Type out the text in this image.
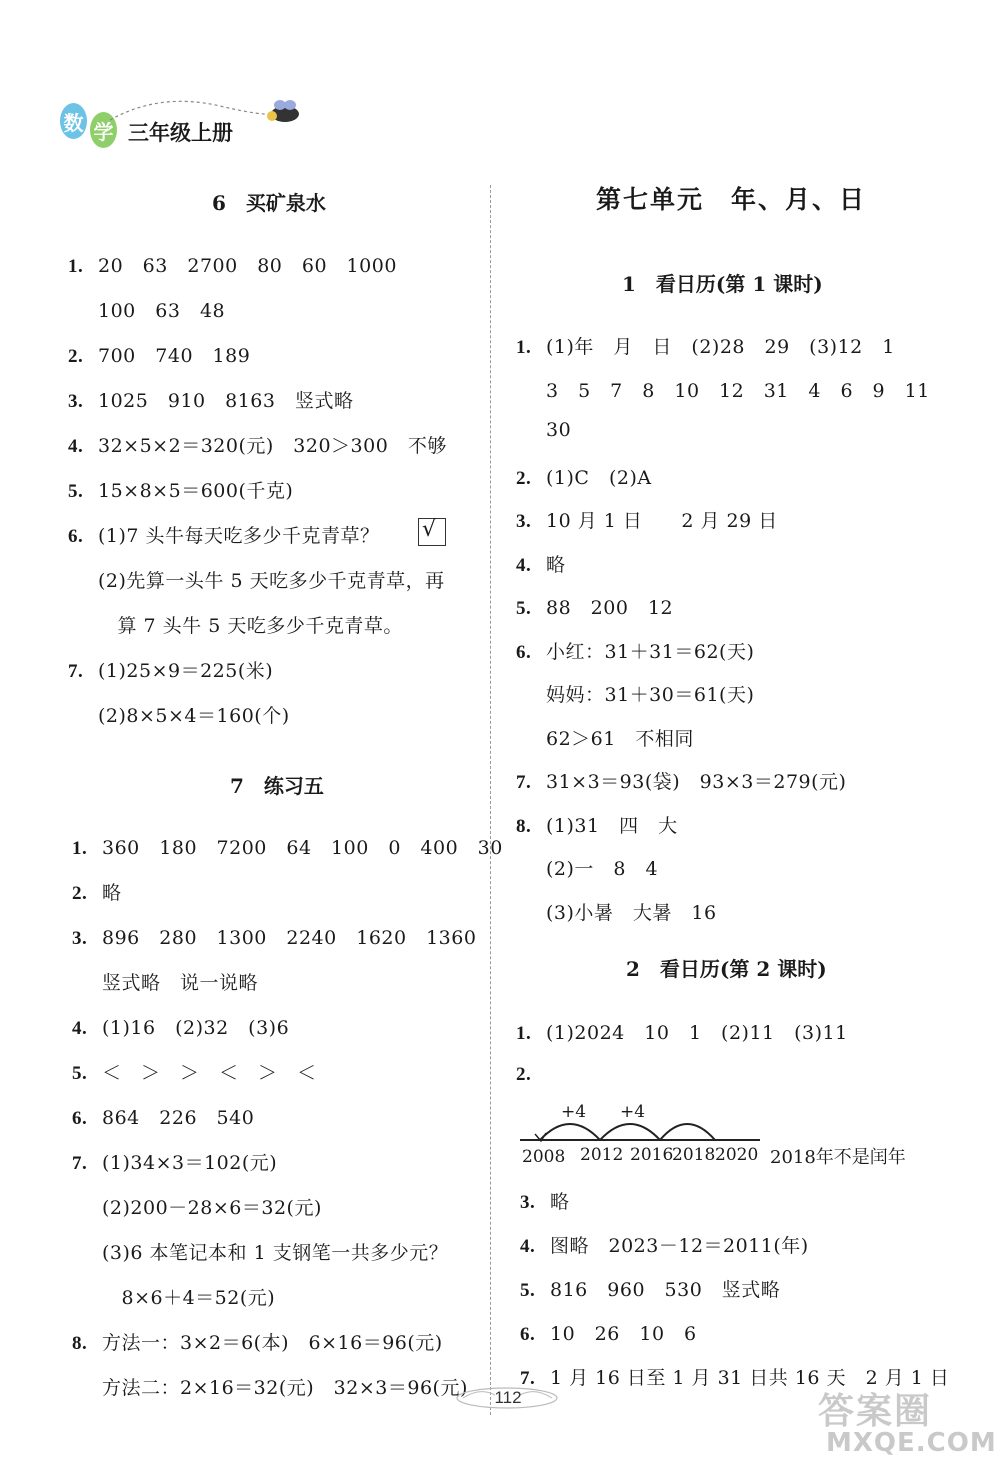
数 学 三年级上册
6　买矿泉水
1. 20　63　2700　80　60　1000
100　63　48
2. 700　740　189
3. 1025　910　8163　竖式略
4. 32×5×2＝320(元)　320＞300　不够
5. 15×8×5＝600(千克)
6. (1)7 头牛每天吃多少千克青草？
(2)先算一头牛 5 天吃多少千克青草，再
　算 7 头牛 5 天吃多少千克青草。
7. (1)25×9＝225(米)
(2)8×5×4＝160(个)
√
7　练习五
1. 360　180　7200　64　100　0　400　30
2. 略
3. 896　280　1300　2240　1620　1360
竖式略　说一说略
4. (1)16　(2)32　(3)6
5. ＜　＞　＞　＜　＞　＜
6. 864　226　540
7. (1)34×3＝102(元)
(2)200－28×6＝32(元)
(3)6 本笔记本和 1 支钢笔一共多少元？
　8×6＋4＝52(元)
8. 方法一：3×2＝6(本)　6×16＝96(元)
方法二：2×16＝32(元)　32×3＝96(元)
第七单元　年、月、日
1　看日历(第 1 课时)
1. (1)年　月　日　(2)28　29　(3)12　1
3　5　7　8　10　12　31　4　6　9　11
30
2. (1)C　(2)A
3. 10 月 1 日　　2 月 29 日
4. 略
5. 88　200　12
6. 小红：31＋31＝62(天)
妈妈：31＋30＝61(天)
62＞61　不相同
7. 31×3＝93(袋)　93×3＝279(元)
8. (1)31　四　大
(2)一　8　4
(3)小暑　大暑　16
2　看日历(第 2 课时)
1. (1)2024　10　1　(2)11　(3)11
2.
+4 +4
2008 2012 2016
2018 2020 2018年不是闰年
3. 略
4. 图略　2023－12＝2011(年)
5. 816　960　530　竖式略
6. 10　26　10　6
7. 1 月 16 日至 1 月 31 日共 16 天　2 月 1 日
112	答案圈
MXQE.COM
